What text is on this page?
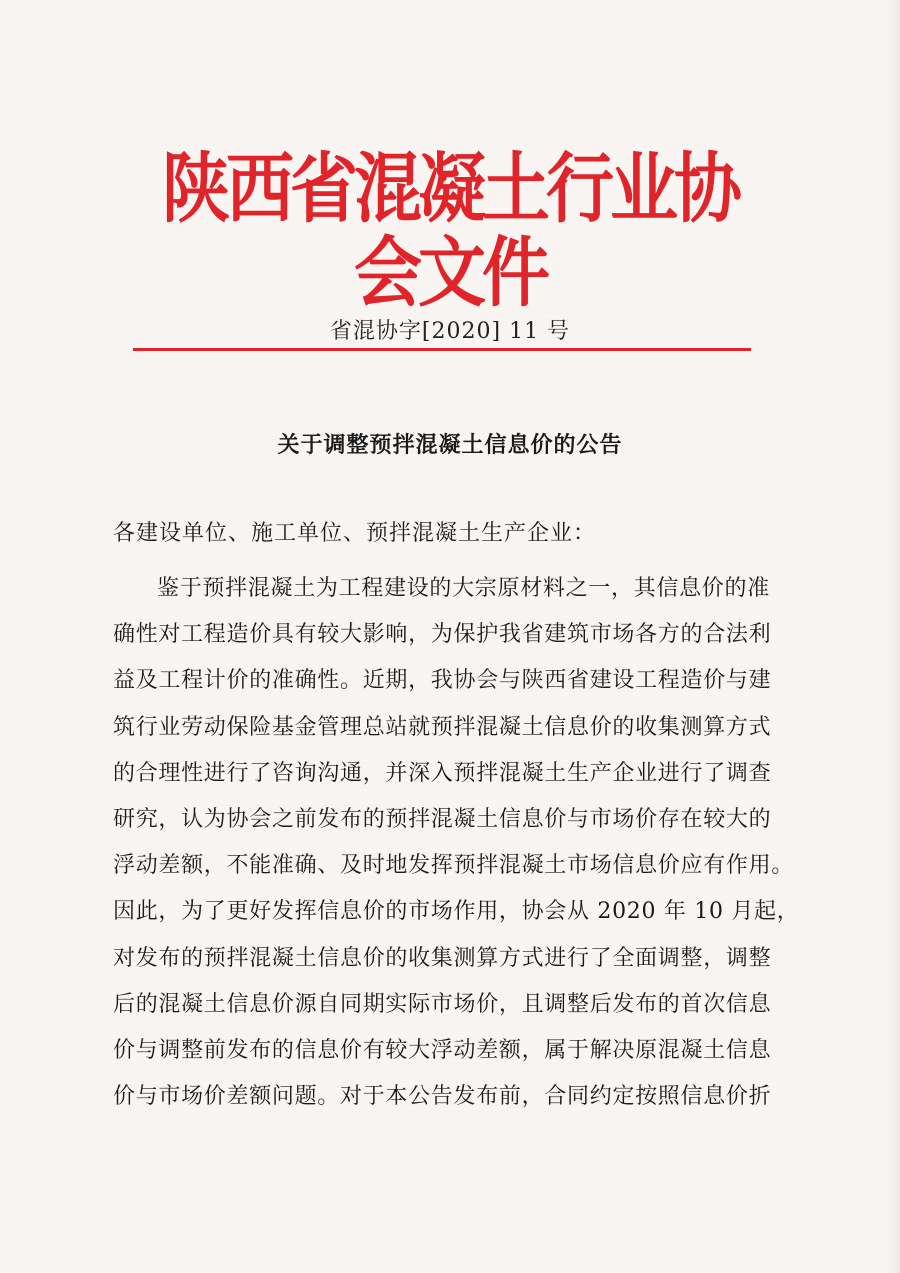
陕西省混凝土行业协会文件
省混协字[2020] 11 号
关于调整预拌混凝土信息价的公告
各建设单位、施工单位、预拌混凝土生产企业：
鉴于预拌混凝土为工程建设的大宗原材料之一，其信息价的准
确性对工程造价具有较大影响，为保护我省建筑市场各方的合法利
益及工程计价的准确性。近期，我协会与陕西省建设工程造价与建
筑行业劳动保险基金管理总站就预拌混凝土信息价的收集测算方式
的合理性进行了咨询沟通，并深入预拌混凝土生产企业进行了调查
研究，认为协会之前发布的预拌混凝土信息价与市场价存在较大的
浮动差额，不能准确、及时地发挥预拌混凝土市场信息价应有作用。
因此，为了更好发挥信息价的市场作用，协会从 2020 年 10 月起，
对发布的预拌混凝土信息价的收集测算方式进行了全面调整，调整
后的混凝土信息价源自同期实际市场价，且调整后发布的首次信息
价与调整前发布的信息价有较大浮动差额，属于解决原混凝土信息
价与市场价差额问题。对于本公告发布前，合同约定按照信息价折
